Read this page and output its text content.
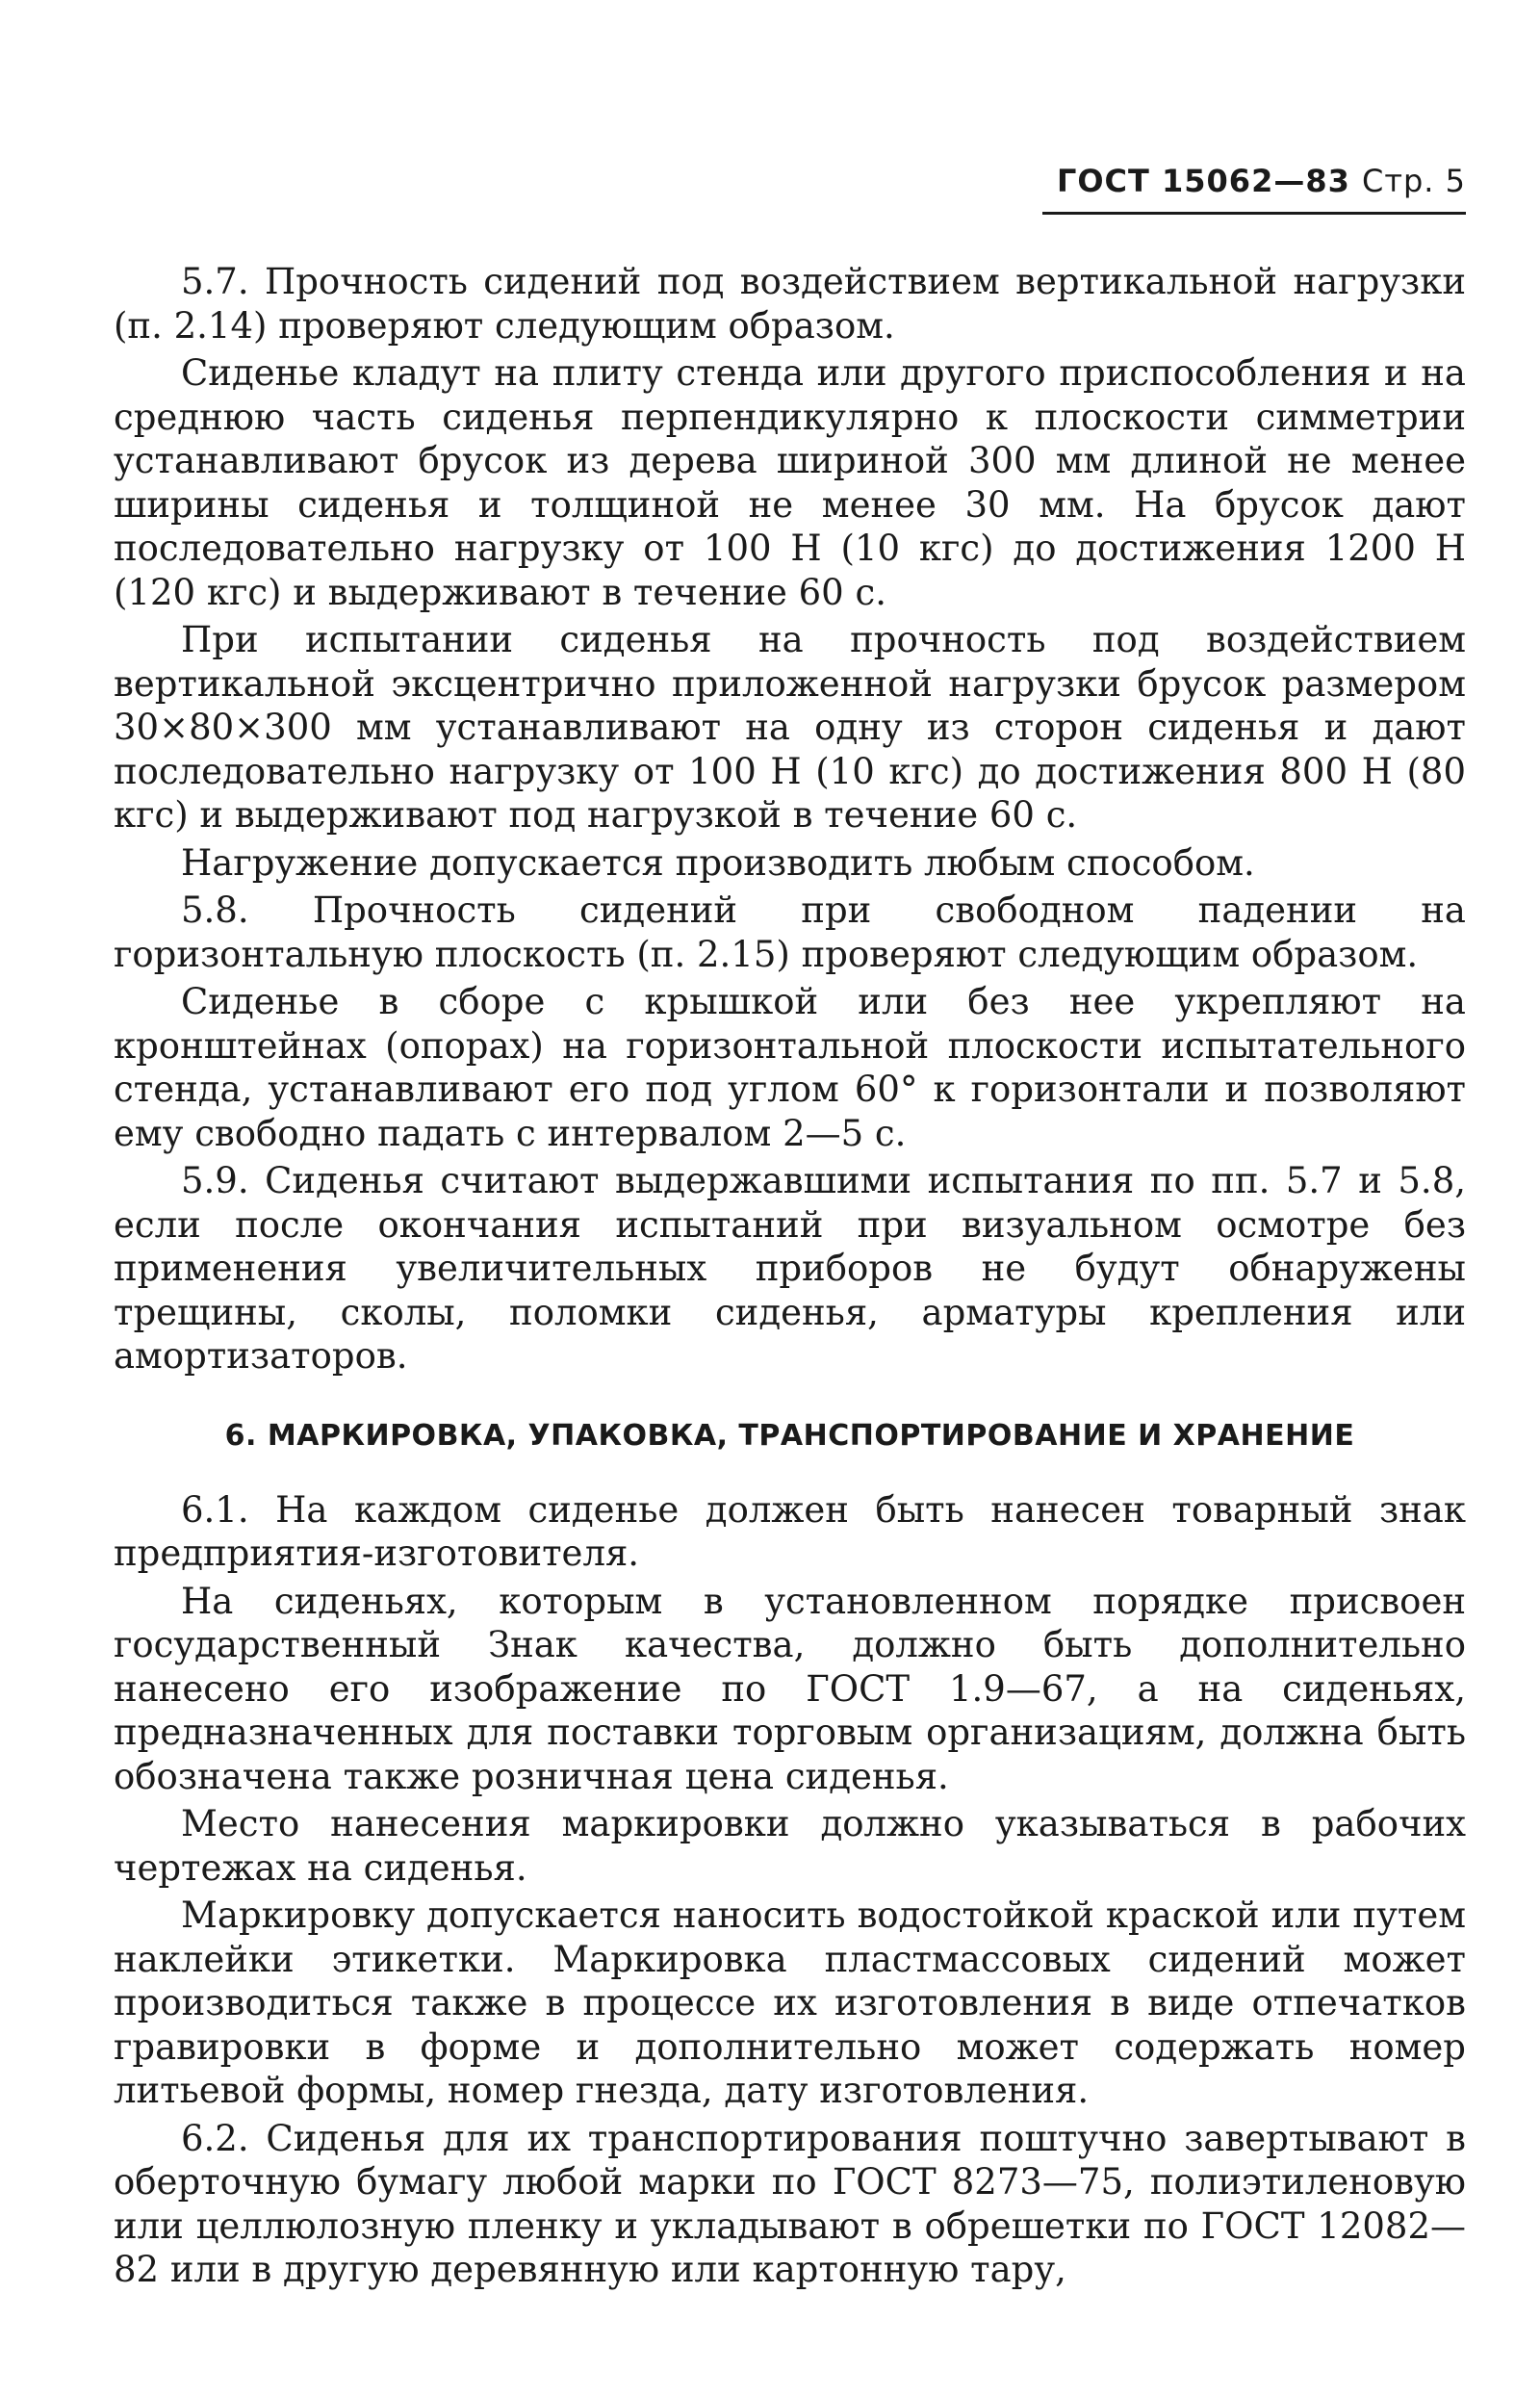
ГОСТ 15062—83 Стр. 5

5.7. Прочность сидений под воздействием вертикальной нагрузки (п. 2.14) проверяют следующим образом.

Сиденье кладут на плиту стенда или другого приспособления и на среднюю часть сиденья перпендикулярно к плоскости симметрии устанавливают брусок из дерева шириной 300 мм длиной не менее ширины сиденья и толщиной не менее 30 мм. На брусок дают последовательно нагрузку от 100 Н (10 кгс) до достижения 1200 Н (120 кгс) и выдерживают в течение 60 с.

При испытании сиденья на прочность под воздействием вертикальной эксцентрично приложенной нагрузки брусок размером 30×80×300 мм устанавливают на одну из сторон сиденья и дают последовательно нагрузку от 100 Н (10 кгс) до достижения 800 Н (80 кгс) и выдерживают под нагрузкой в течение 60 с.

Нагружение допускается производить любым способом.

5.8. Прочность сидений при свободном падении на горизонтальную плоскость (п. 2.15) проверяют следующим образом.

Сиденье в сборе с крышкой или без нее укрепляют на кронштейнах (опорах) на горизонтальной плоскости испытательного стенда, устанавливают его под углом 60° к горизонтали и позволяют ему свободно падать с интервалом 2—5 с.

5.9. Сиденья считают выдержавшими испытания по пп. 5.7 и 5.8, если после окончания испытаний при визуальном осмотре без применения увеличительных приборов не будут обнаружены трещины, сколы, поломки сиденья, арматуры крепления или амортизаторов.

6. МАРКИРОВКА, УПАКОВКА, ТРАНСПОРТИРОВАНИЕ И ХРАНЕНИЕ

6.1. На каждом сиденье должен быть нанесен товарный знак предприятия-изготовителя.

На сиденьях, которым в установленном порядке присвоен государственный Знак качества, должно быть дополнительно нанесено его изображение по ГОСТ 1.9—67, а на сиденьях, предназначенных для поставки торговым организациям, должна быть обозначена также розничная цена сиденья.

Место нанесения маркировки должно указываться в рабочих чертежах на сиденья.

Маркировку допускается наносить водостойкой краской или путем наклейки этикетки. Маркировка пластмассовых сидений может производиться также в процессе их изготовления в виде отпечатков гравировки в форме и дополнительно может содержать номер литьевой формы, номер гнезда, дату изготовления.

6.2. Сиденья для их транспортирования поштучно завертывают в оберточную бумагу любой марки по ГОСТ 8273—75, полиэтиленовую или целлюлозную пленку и укладывают в обрешетки по ГОСТ 12082—82 или в другую деревянную или картонную тару,
